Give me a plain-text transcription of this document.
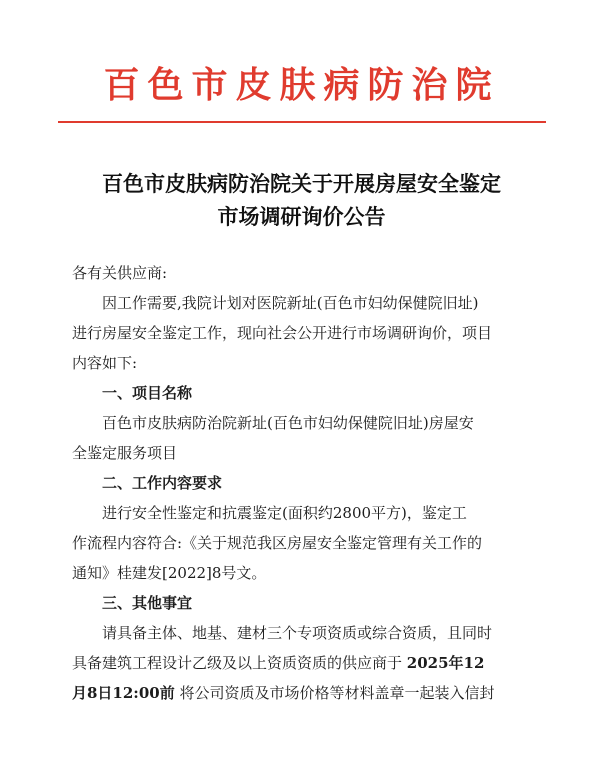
百色市皮肤病防治院
百色市皮肤病防治院关于开展房屋安全鉴定
市场调研询价公告
各有关供应商:
因工作需要,我院计划对医院新址(百色市妇幼保健院旧址)
进行房屋安全鉴定工作，现向社会公开进行市场调研询价，项目
内容如下:
一、项目名称
百色市皮肤病防治院新址(百色市妇幼保健院旧址)房屋安
全鉴定服务项目
二、工作内容要求
进行安全性鉴定和抗震鉴定(面积约2800平方)，鉴定工
作流程内容符合:《关于规范我区房屋安全鉴定管理有关工作的
通知》桂建发[2022]8号文。
三、其他事宜
请具备主体、地基、建材三个专项资质或综合资质，且同时
具备建筑工程设计乙级及以上资质资质的供应商于 2025年12
月8日12:00前 将公司资质及市场价格等材料盖章一起装入信封
